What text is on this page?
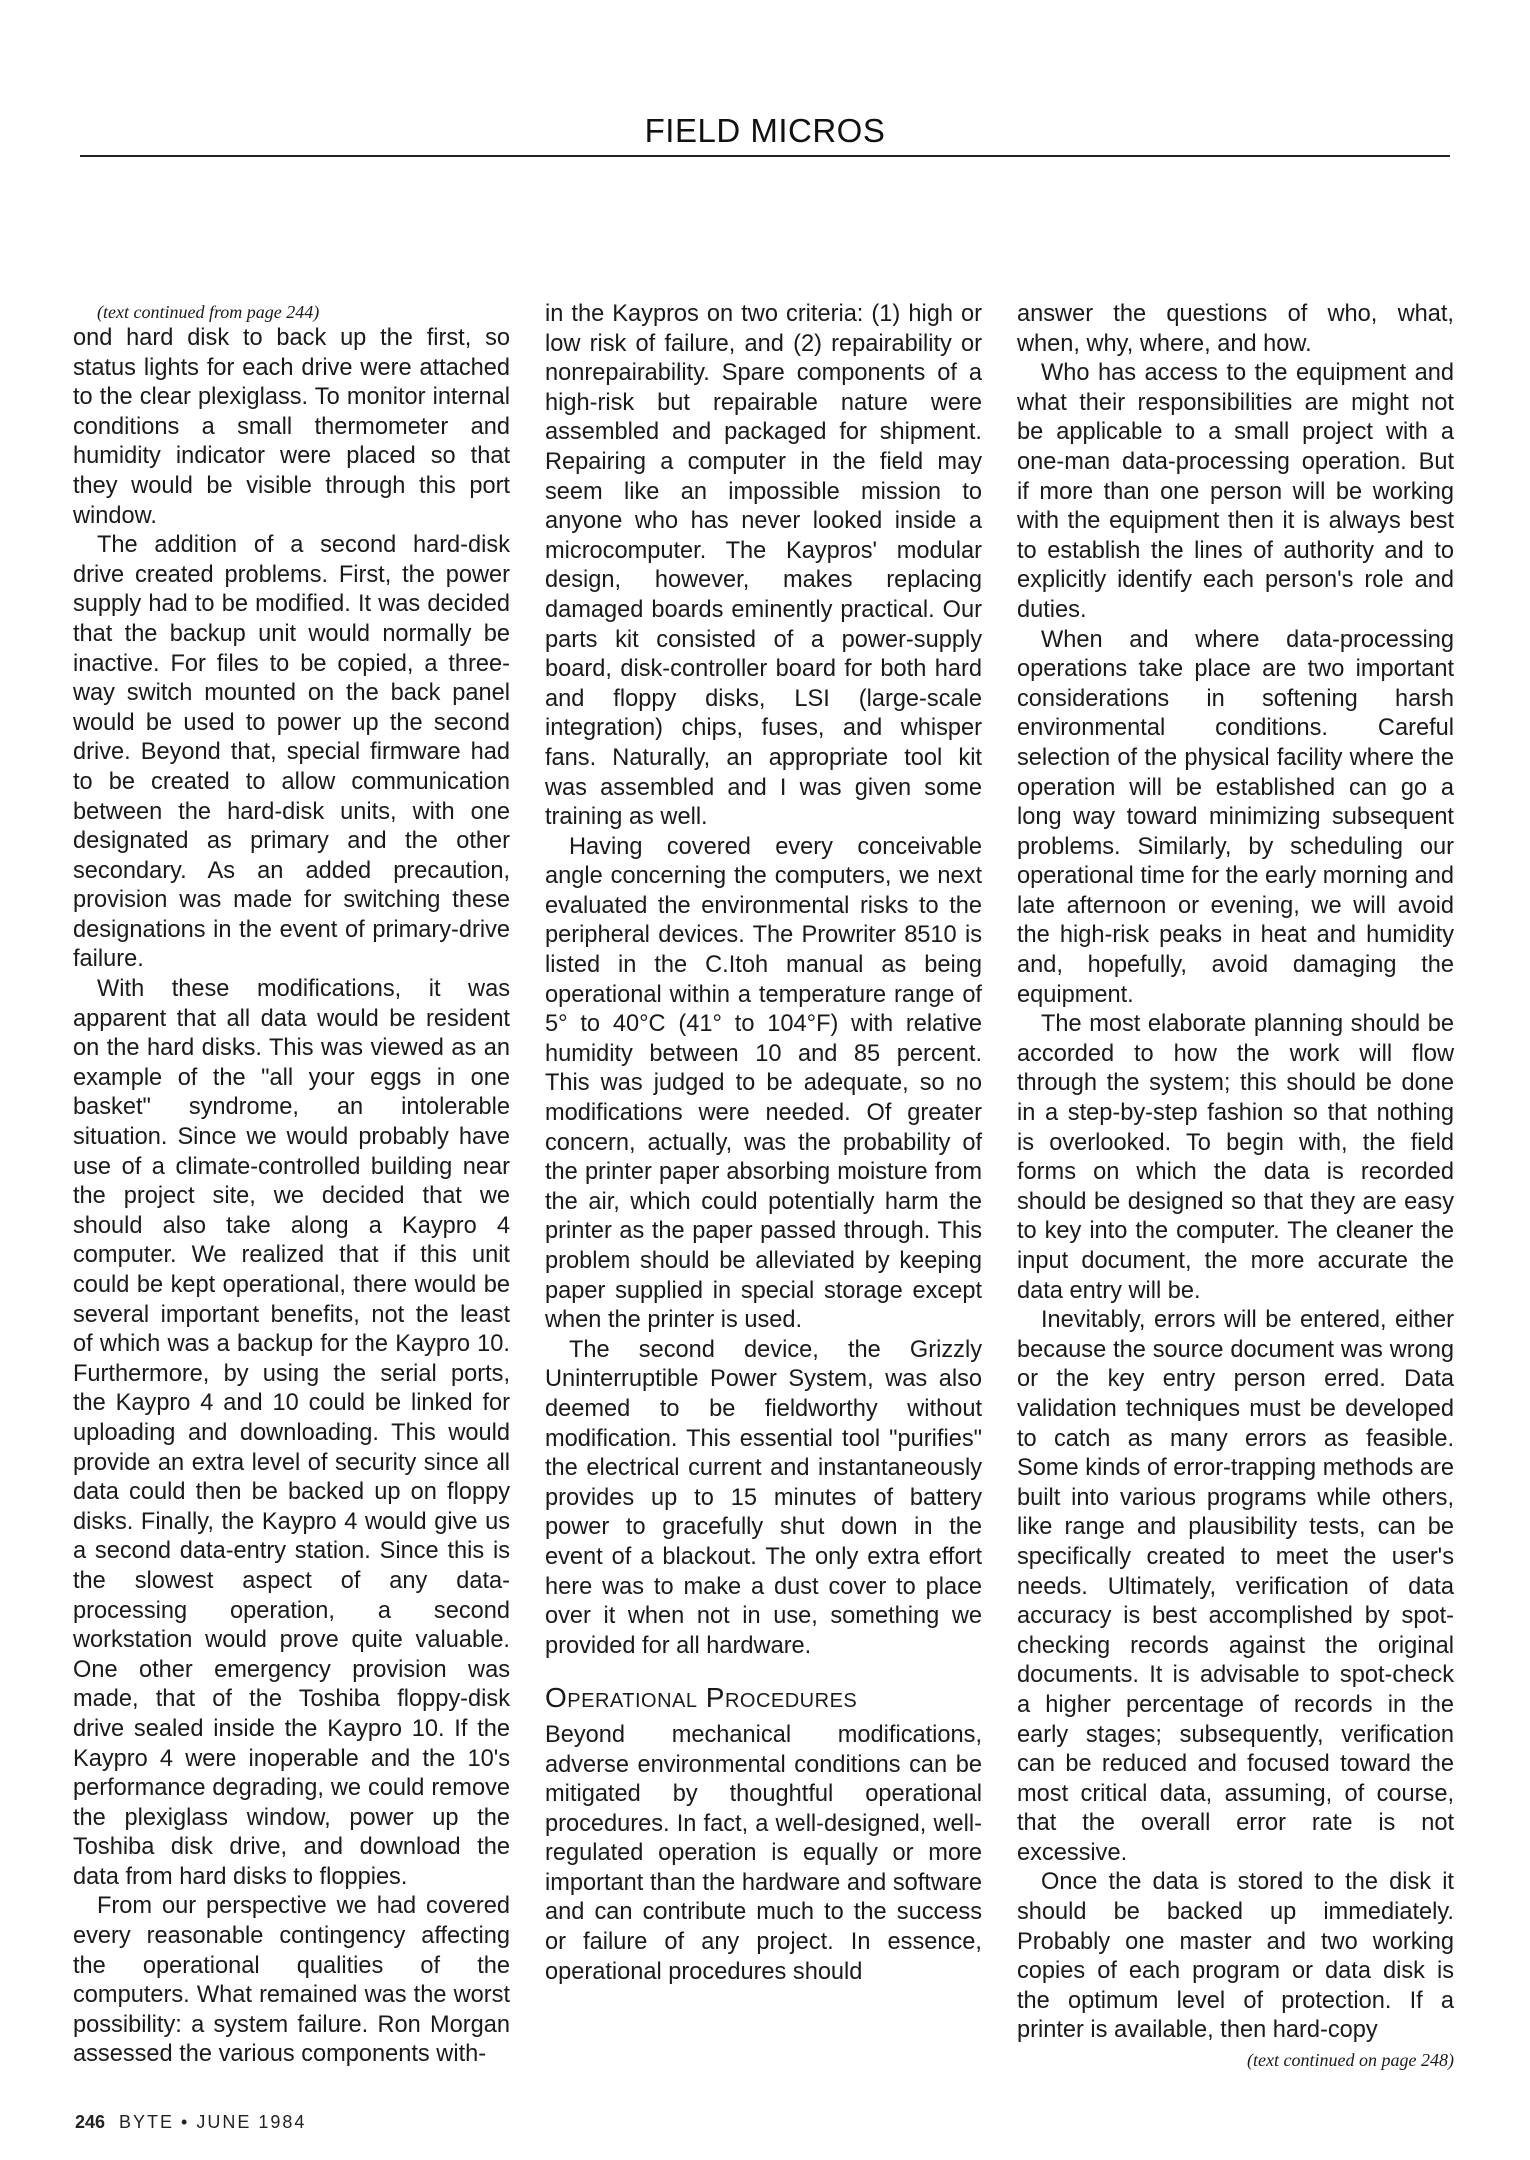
FIELD MICROS

(text continued from page 244)

ond hard disk to back up the first, so status lights for each drive were attached to the clear plexiglass. To monitor internal conditions a small thermometer and humidity indicator were placed so that they would be visible through this port window.

The addition of a second hard-disk drive created problems. First, the power supply had to be modified. It was decided that the backup unit would normally be inactive. For files to be copied, a three-way switch mounted on the back panel would be used to power up the second drive. Beyond that, special firmware had to be created to allow communication between the hard-disk units, with one designated as primary and the other secondary. As an added precaution, provision was made for switching these designations in the event of primary-drive failure.

With these modifications, it was apparent that all data would be resident on the hard disks. This was viewed as an example of the "all your eggs in one basket" syndrome, an intolerable situation. Since we would probably have use of a climate-controlled building near the project site, we decided that we should also take along a Kaypro 4 computer. We realized that if this unit could be kept operational, there would be several important benefits, not the least of which was a backup for the Kaypro 10. Furthermore, by using the serial ports, the Kaypro 4 and 10 could be linked for uploading and downloading. This would provide an extra level of security since all data could then be backed up on floppy disks. Finally, the Kaypro 4 would give us a second data-entry station. Since this is the slowest aspect of any data-processing operation, a second workstation would prove quite valuable. One other emergency provision was made, that of the Toshiba floppy-disk drive sealed inside the Kaypro 10. If the Kaypro 4 were inoperable and the 10's performance degrading, we could remove the plexiglass window, power up the Toshiba disk drive, and download the data from hard disks to floppies.

From our perspective we had covered every reasonable contingency affecting the operational qualities of the computers. What remained was the worst possibility: a system failure. Ron Morgan assessed the various components with-

in the Kaypros on two criteria: (1) high or low risk of failure, and (2) repairability or nonrepairability. Spare components of a high-risk but repairable nature were assembled and packaged for shipment. Repairing a computer in the field may seem like an impossible mission to anyone who has never looked inside a microcomputer. The Kaypros' modular design, however, makes replacing damaged boards eminently practical. Our parts kit consisted of a power-supply board, disk-controller board for both hard and floppy disks, LSI (large-scale integration) chips, fuses, and whisper fans. Naturally, an appropriate tool kit was assembled and I was given some training as well.

Having covered every conceivable angle concerning the computers, we next evaluated the environmental risks to the peripheral devices. The Prowriter 8510 is listed in the C.Itoh manual as being operational within a temperature range of 5° to 40°C (41° to 104°F) with relative humidity between 10 and 85 percent. This was judged to be adequate, so no modifications were needed. Of greater concern, actually, was the probability of the printer paper absorbing moisture from the air, which could potentially harm the printer as the paper passed through. This problem should be alleviated by keeping paper supplied in special storage except when the printer is used.

The second device, the Grizzly Uninterruptible Power System, was also deemed to be fieldworthy without modification. This essential tool "purifies" the electrical current and instantaneously provides up to 15 minutes of battery power to gracefully shut down in the event of a blackout. The only extra effort here was to make a dust cover to place over it when not in use, something we provided for all hardware.

Operational Procedures

Beyond mechanical modifications, adverse environmental conditions can be mitigated by thoughtful operational procedures. In fact, a well-designed, well-regulated operation is equally or more important than the hardware and software and can contribute much to the success or failure of any project. In essence, operational procedures should

answer the questions of who, what, when, why, where, and how.

Who has access to the equipment and what their responsibilities are might not be applicable to a small project with a one-man data-processing operation. But if more than one person will be working with the equipment then it is always best to establish the lines of authority and to explicitly identify each person's role and duties.

When and where data-processing operations take place are two important considerations in softening harsh environmental conditions. Careful selection of the physical facility where the operation will be established can go a long way toward minimizing subsequent problems. Similarly, by scheduling our operational time for the early morning and late afternoon or evening, we will avoid the high-risk peaks in heat and humidity and, hopefully, avoid damaging the equipment.

The most elaborate planning should be accorded to how the work will flow through the system; this should be done in a step-by-step fashion so that nothing is overlooked. To begin with, the field forms on which the data is recorded should be designed so that they are easy to key into the computer. The cleaner the input document, the more accurate the data entry will be.

Inevitably, errors will be entered, either because the source document was wrong or the key entry person erred. Data validation techniques must be developed to catch as many errors as feasible. Some kinds of error-trapping methods are built into various programs while others, like range and plausibility tests, can be specifically created to meet the user's needs. Ultimately, verification of data accuracy is best accomplished by spot-checking records against the original documents. It is advisable to spot-check a higher percentage of records in the early stages; subsequently, verification can be reduced and focused toward the most critical data, assuming, of course, that the overall error rate is not excessive.

Once the data is stored to the disk it should be backed up immediately. Probably one master and two working copies of each program or data disk is the optimum level of protection. If a printer is available, then hard-copy

(text continued on page 248)

246 BYTE • JUNE 1984
